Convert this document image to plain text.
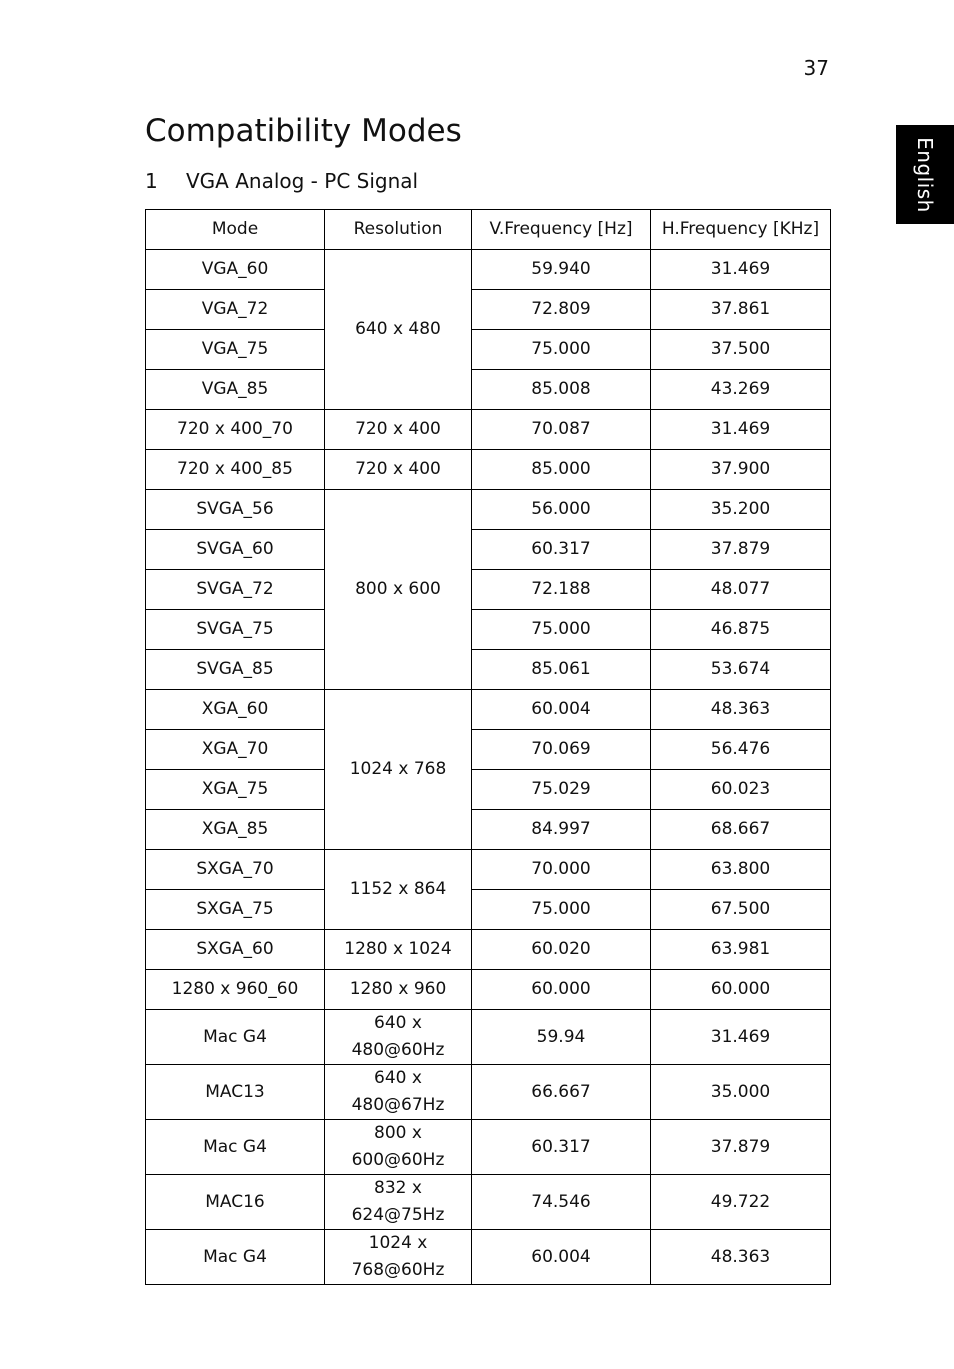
37
English
Compatibility Modes
1 VGA Analog - PC Signal
Mode	Resolution	V.Frequency [Hz]	H.Frequency [KHz]
VGA_60	640 x 480	59.940	31.469
VGA_72		72.809	37.861
VGA_75		75.000	37.500
VGA_85		85.008	43.269
720 x 400_70	720 x 400	70.087	31.469
720 x 400_85	720 x 400	85.000	37.900
SVGA_56	800 x 600	56.000	35.200
SVGA_60		60.317	37.879
SVGA_72		72.188	48.077
SVGA_75		75.000	46.875
SVGA_85		85.061	53.674
XGA_60	1024 x 768	60.004	48.363
XGA_70		70.069	56.476
XGA_75		75.029	60.023
XGA_85		84.997	68.667
SXGA_70	1152 x 864	70.000	63.800
SXGA_75		75.000	67.500
SXGA_60	1280 x 1024	60.020	63.981
1280 x 960_60	1280 x 960	60.000	60.000
Mac G4	640 x 480@60Hz	59.94	31.469
MAC13	640 x 480@67Hz	66.667	35.000
Mac G4	800 x 600@60Hz	60.317	37.879
MAC16	832 x 624@75Hz	74.546	49.722
Mac G4	1024 x 768@60Hz	60.004	48.363
